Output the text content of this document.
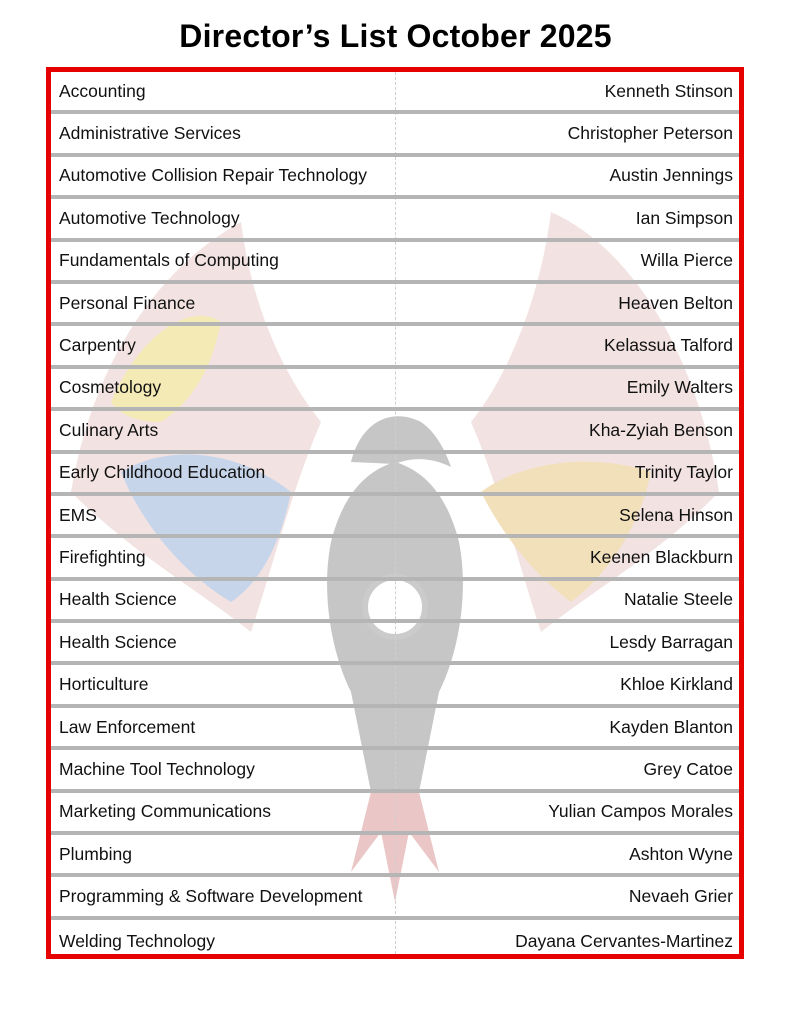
Director’s List October 2025
Accounting	Kenneth Stinson
Administrative Services	Christopher Peterson
Automotive Collision Repair Technology	Austin Jennings
Automotive Technology	Ian Simpson
Fundamentals of Computing	Willa Pierce
Personal Finance	Heaven Belton
Carpentry	Kelassua Talford
Cosmetology	Emily Walters
Culinary Arts	Kha-Zyiah Benson
Early Childhood Education	Trinity Taylor
EMS	Selena Hinson
Firefighting	Keenen Blackburn
Health Science	Natalie Steele
Health Science	Lesdy Barragan
Horticulture	Khloe Kirkland
Law Enforcement	Kayden Blanton
Machine Tool Technology	Grey Catoe
Marketing Communications	Yulian Campos Morales
Plumbing	Ashton Wyne
Programming & Software Development	Nevaeh Grier
Welding Technology	Dayana Cervantes-Martinez
